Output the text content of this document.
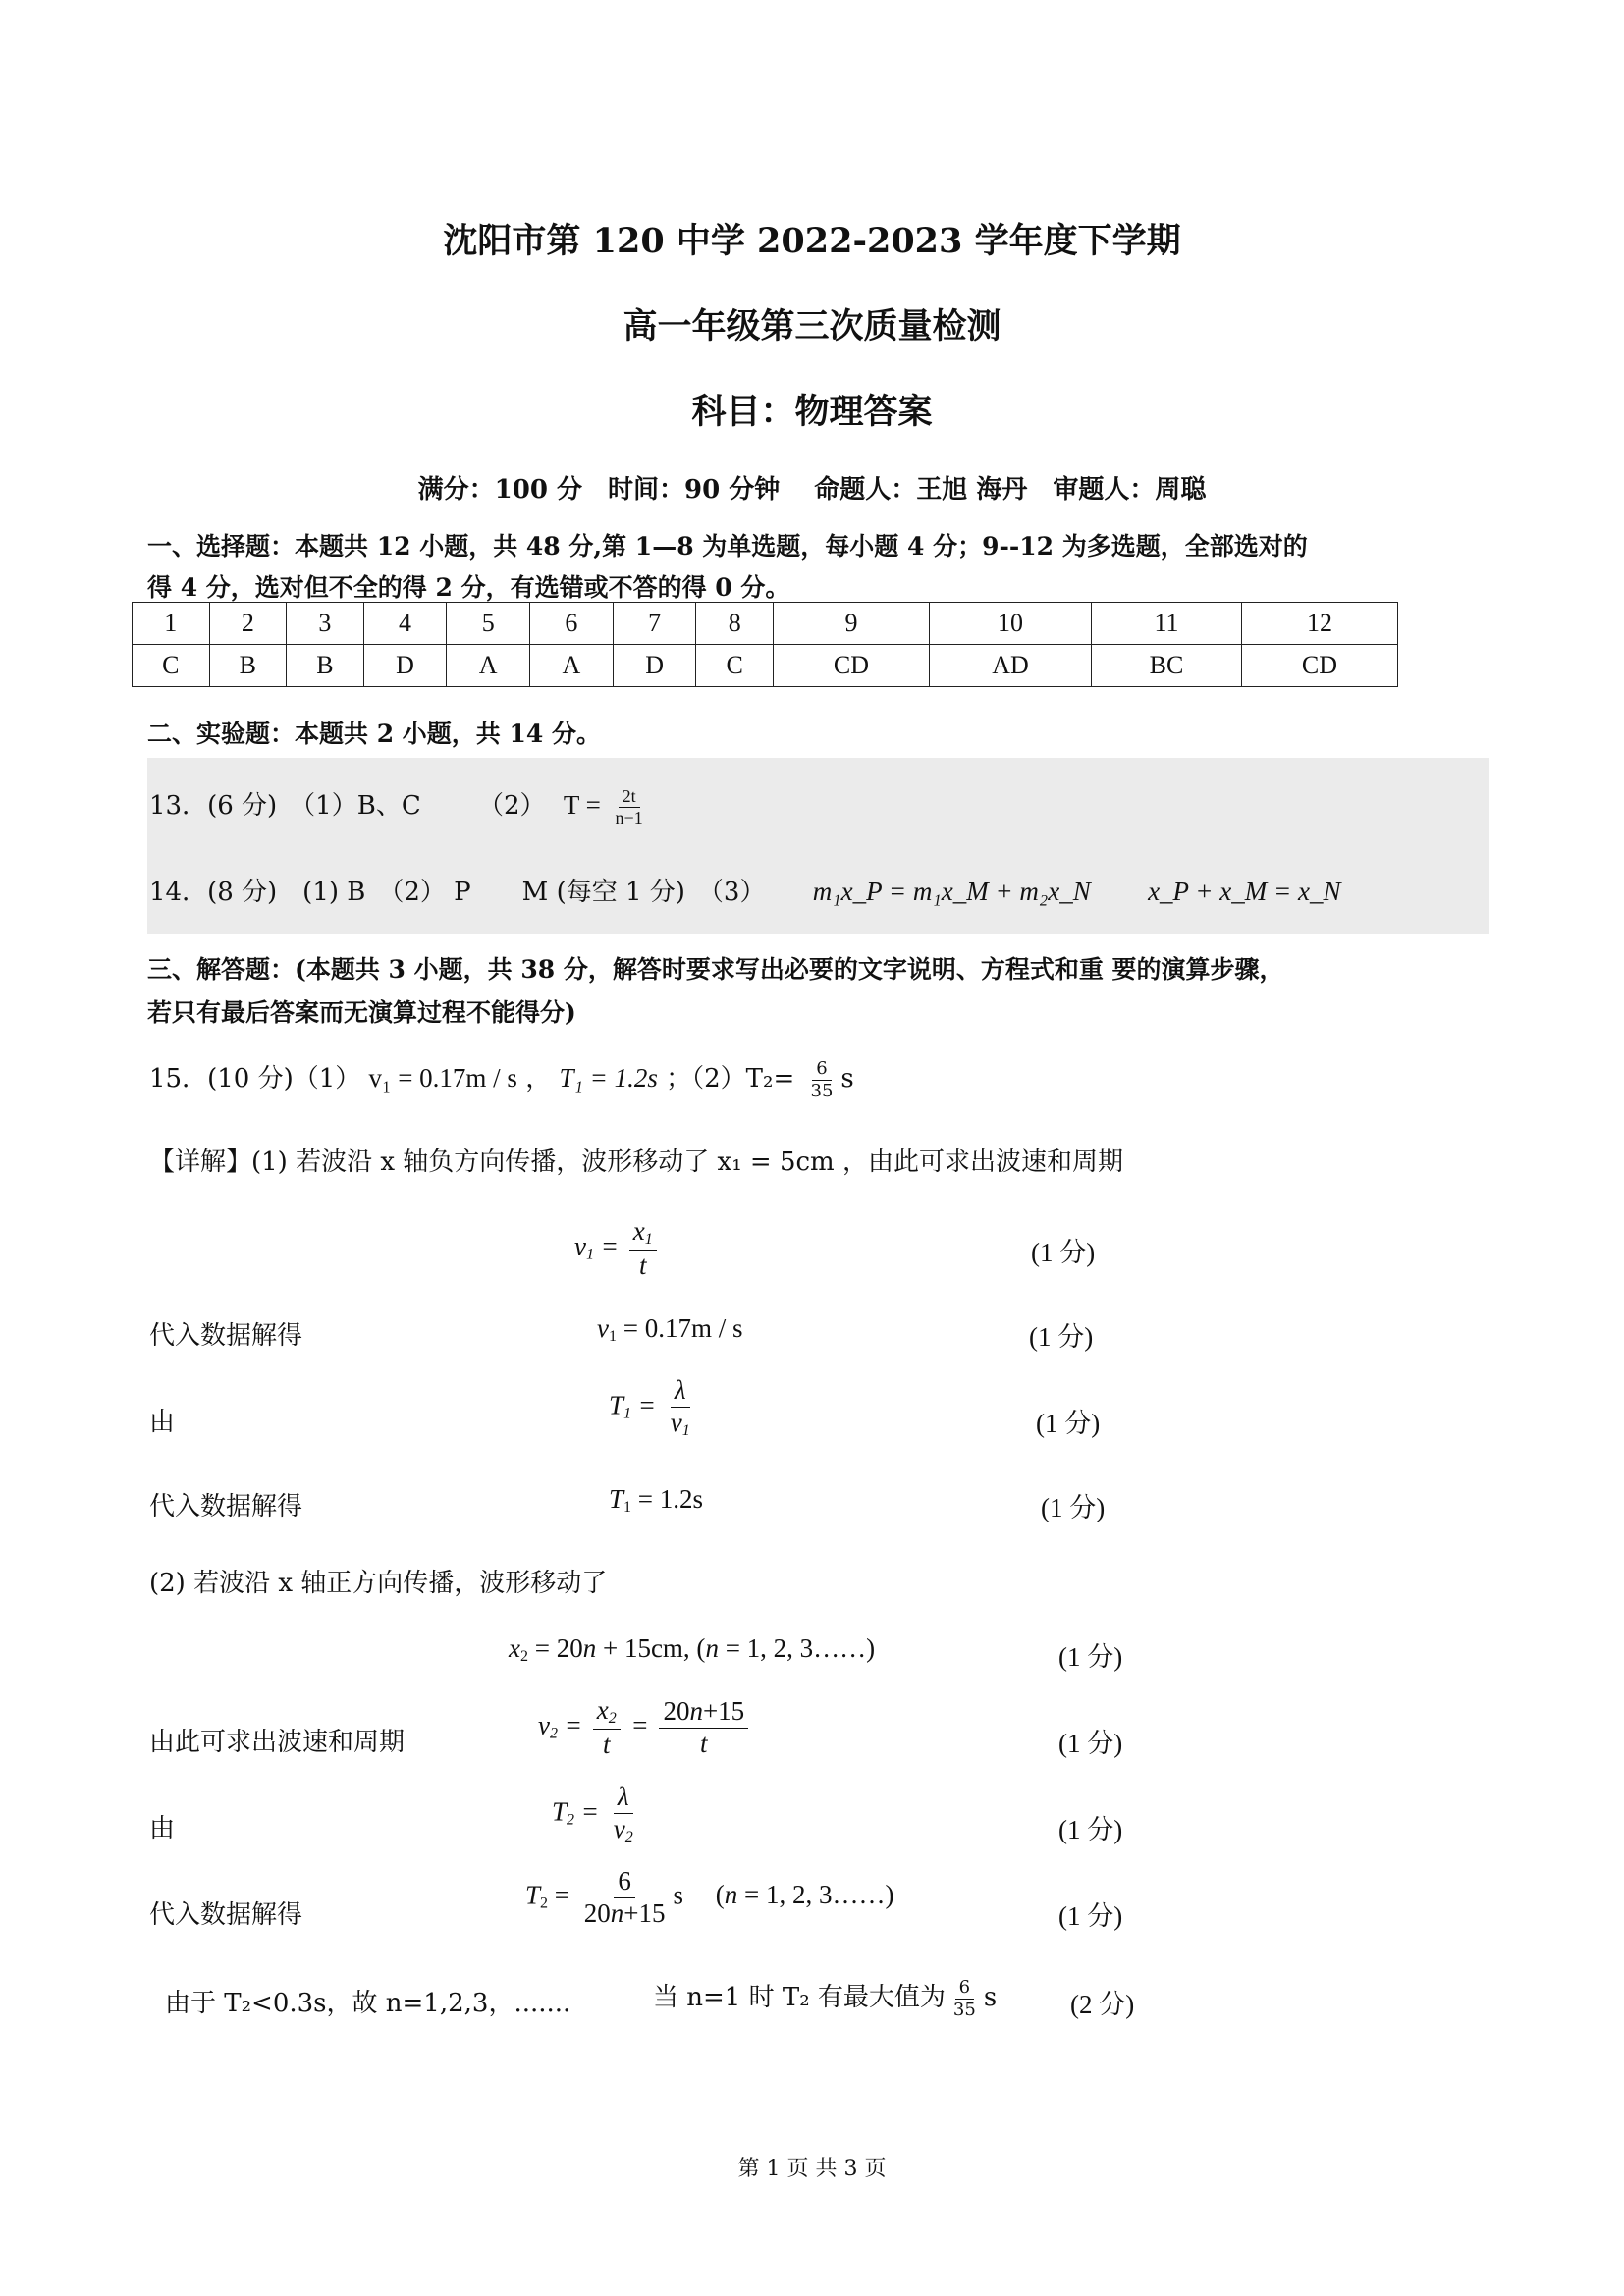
沈阳市第 120 中学 2022-2023 学年度下学期
高一年级第三次质量检测
科目：物理答案
满分：100 分　时间：90 分钟　 命题人：王旭 海丹　审题人：周聪
一、选择题：本题共 12 小题，共 48 分,第 1—8 为单选题，每小题 4 分；9--12 为多选题，全部选对的
得 4 分，选对但不全的得 2 分，有选错或不答的得 0 分。
1	2	3	4	5	6	7	8	9	10	11	12
C	B	B	D	A	A	D	C	CD	AD	BC	CD
二、实验题：本题共 2 小题，共 14 分。
13．(6 分)　（1）B、C （2） $T = \frac{2t}{n-1}$
14．(8 分)　(1) B　（2） P　　M (每空 1 分)　（3） m₁x_P = m₁x_M + m₂x_N x_P + x_M = x_N
三、解答题：(本题共 3 小题，共 38 分，解答时要求写出必要的文字说明、方程式和重 要的演算步骤，
若只有最后答案而无演算过程不能得分)
15．(10 分)（1） v₁ = 0.17m / s ， T₁ = 1.2s ；$(2)T_2= \frac{6}{35}$ s
【详解】(1) 若波沿 x 轴负方向传播，波形移动了 x₁ = 5cm ，由此可求出波速和周期
$v_1 = \frac{x_1}{t}$	(1 分)
代入数据解得	$v_1 = 0.17m / s$	(1 分)
由
$T_1 = \frac{\lambda}{v_1}$	(1 分)
代入数据解得	$T_1 = 1.2s$	(1 分)
(2) 若波沿 x 轴正方向传播，波形移动了
$x_2 = 20n + 15cm$, (n = 1, 2, 3……)	(1 分)
由此可求出波速和周期
$v_2 = \frac{x_2}{t} = \frac{20n+15}{t}$	(1 分)
由
$T_2 = \frac{\lambda}{v_2}$	(1 分)
代入数据解得
$T_2 = \frac{6}{20n+15}$ s (n = 1, 2, 3……)
(1 分)
由于 T₂<0.3s，故 n=1,2,3，.......	当 n=1 时 T₂ 有最大值为 $\frac{6}{35}$ s	(2 分)
第 1 页 共 3 页
